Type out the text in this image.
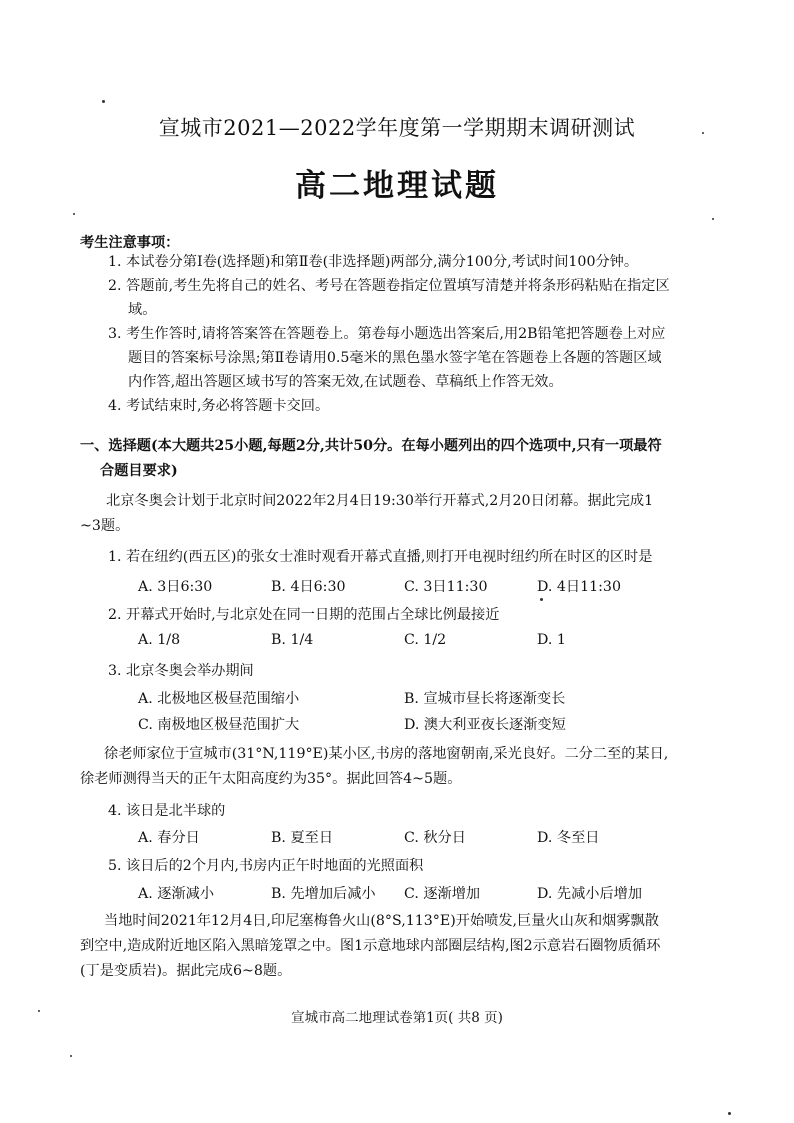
宣城市2021—2022学年度第一学期期末调研测试
高二地理试题
考生注意事项：
1. 本试卷分第Ⅰ卷(选择题)和第Ⅱ卷(非选择题)两部分,满分100分,考试时间100分钟。
2. 答题前,考生先将自己的姓名、考号在答题卷指定位置填写清楚并将条形码粘贴在指定区
域。
3. 考生作答时,请将答案答在答题卷上。第卷每小题选出答案后,用2B铅笔把答题卷上对应
题目的答案标号涂黑;第Ⅱ卷请用0.5毫米的黑色墨水签字笔在答题卷上各题的答题区域
内作答,超出答题区域书写的答案无效,在试题卷、草稿纸上作答无效。
4. 考试结束时,务必将答题卡交回。
一、选择题(本大题共25小题,每题2分,共计50分。在每小题列出的四个选项中,只有一项最符
合题目要求)
北京冬奥会计划于北京时间2022年2月4日19:30举行开幕式,2月20日闭幕。据此完成1
~3题。
1. 若在纽约(西五区)的张女士准时观看开幕式直播,则打开电视时纽约所在时区的区时是
A. 3日6:30	B. 4日6:30	C. 3日11:30	D. 4日11:30
2. 开幕式开始时,与北京处在同一日期的范围占全球比例最接近
A. 1/8	B. 1/4	C. 1/2	D. 1
3. 北京冬奥会举办期间
A. 北极地区极昼范围缩小	B. 宣城市昼长将逐渐变长
C. 南极地区极昼范围扩大	D. 澳大利亚夜长逐渐变短
徐老师家位于宣城市(31°N,119°E)某小区,书房的落地窗朝南,采光良好。二分二至的某日,
徐老师测得当天的正午太阳高度约为35°。据此回答4~5题。
4. 该日是北半球的
A. 春分日	B. 夏至日	C. 秋分日	D. 冬至日
5. 该日后的2个月内,书房内正午时地面的光照面积
A. 逐渐减小	B. 先增加后减小 C. 逐渐增加	D. 先减小后增加
当地时间2021年12月4日,印尼塞梅鲁火山(8°S,113°E)开始喷发,巨量火山灰和烟雾飘散
到空中,造成附近地区陷入黑暗笼罩之中。图1示意地球内部圈层结构,图2示意岩石圈物质循环
(丁是变质岩)。据此完成6~8题。
宣城市高二地理试卷第1页( 共8 页)
